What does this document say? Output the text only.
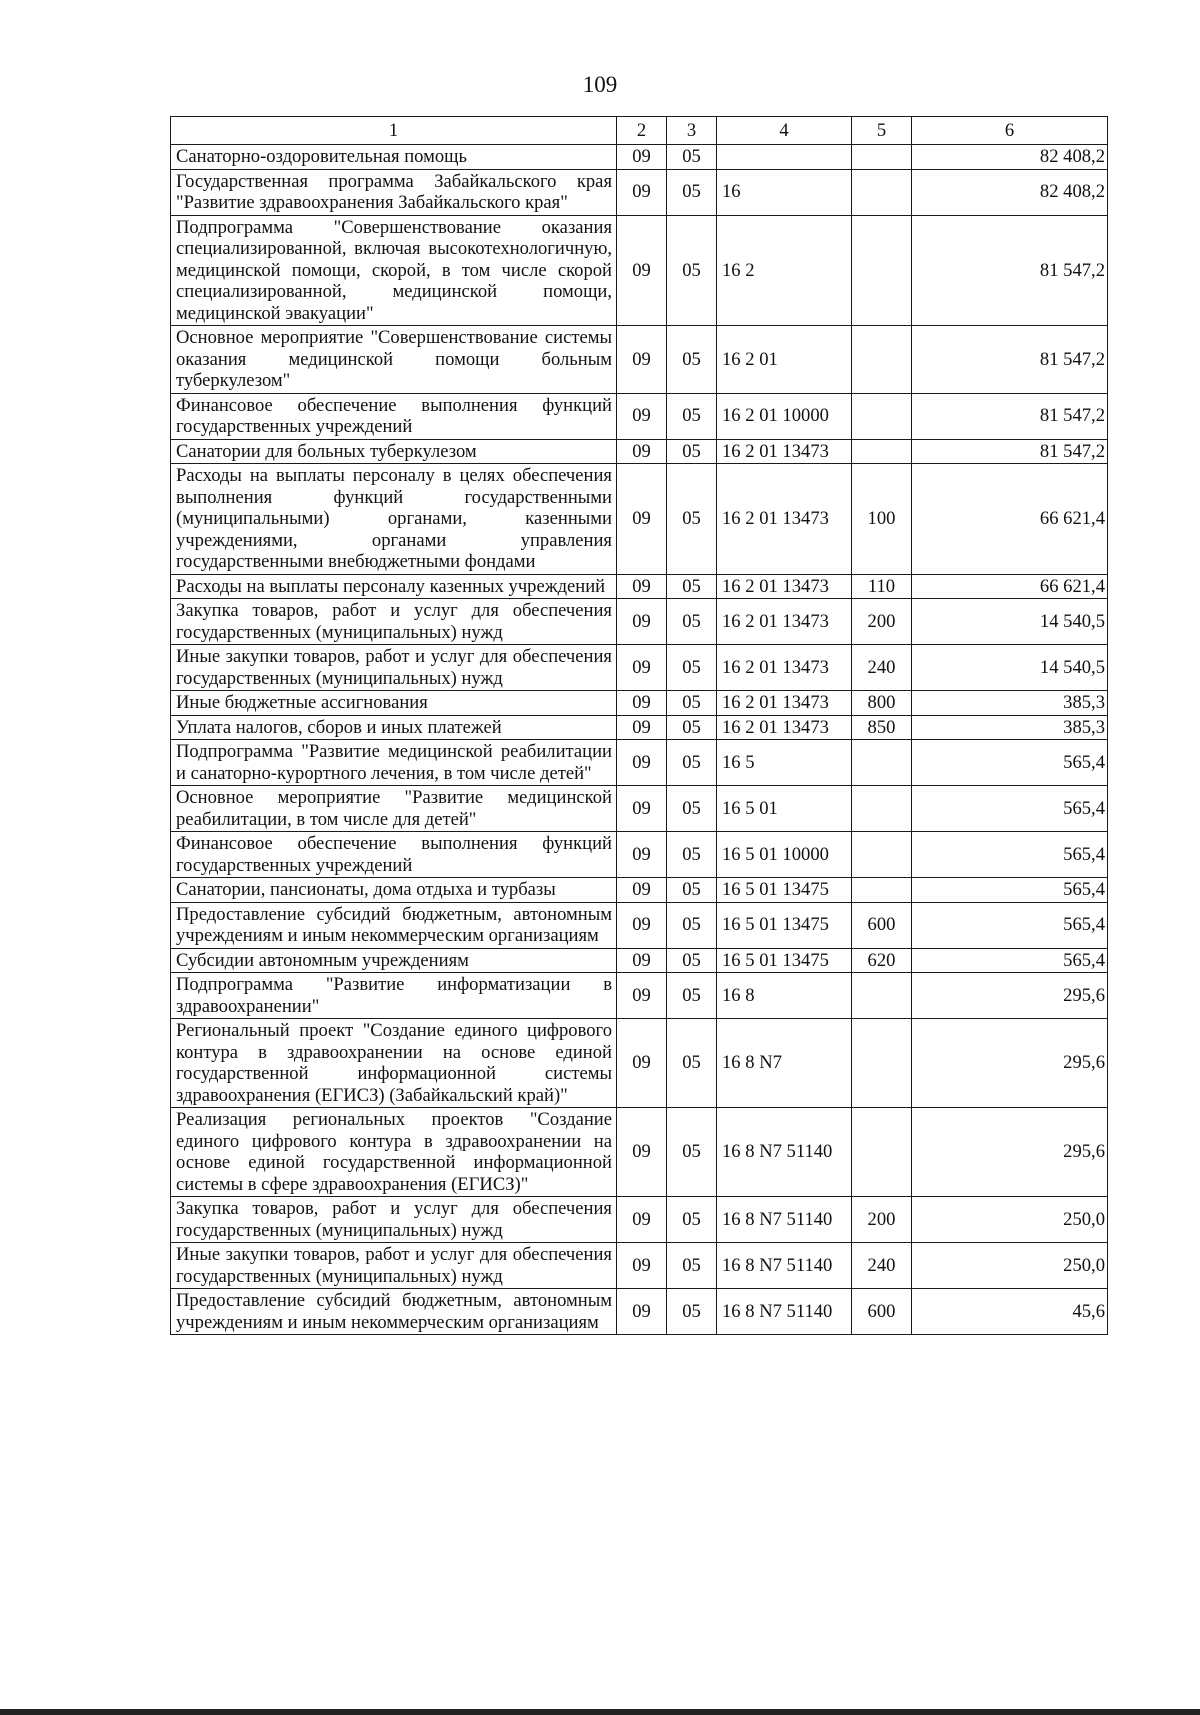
109
1	2	3	4	5	6
Санаторно-оздоровительная помощь	09	05			82 408,2
Государственная программа Забайкальского края "Развитие здравоохранения Забайкальского края"	09	05	16		82 408,2
Подпрограмма "Совершенствование оказания специализированной, включая высокотехнологичную, медицинской помощи, скорой, в том числе скорой специализированной, медицинской помощи, медицинской эвакуации"	09	05	16 2		81 547,2
Основное мероприятие "Совершенствование системы оказания медицинской помощи больным туберкулезом"	09	05	16 2 01		81 547,2
Финансовое обеспечение выполнения функций государственных учреждений	09	05	16 2 01 10000		81 547,2
Санатории для больных туберкулезом	09	05	16 2 01 13473		81 547,2
Расходы на выплаты персоналу в целях обеспечения выполнения функций государственными (муниципальными) органами, казенными учреждениями, органами управления государственными внебюджетными фондами	09	05	16 2 01 13473	100	66 621,4
Расходы на выплаты персоналу казенных учреждений	09	05	16 2 01 13473	110	66 621,4
Закупка товаров, работ и услуг для обеспечения государственных (муниципальных) нужд	09	05	16 2 01 13473	200	14 540,5
Иные закупки товаров, работ и услуг для обеспечения государственных (муниципальных) нужд	09	05	16 2 01 13473	240	14 540,5
Иные бюджетные ассигнования	09	05	16 2 01 13473	800	385,3
Уплата налогов, сборов и иных платежей	09	05	16 2 01 13473	850	385,3
Подпрограмма "Развитие медицинской реабилитации и санаторно-курортного лечения, в том числе детей"	09	05	16 5		565,4
Основное мероприятие "Развитие медицинской реабилитации, в том числе для детей"	09	05	16 5 01		565,4
Финансовое обеспечение выполнения функций государственных учреждений	09	05	16 5 01 10000		565,4
Санатории, пансионаты, дома отдыха и турбазы	09	05	16 5 01 13475		565,4
Предоставление субсидий бюджетным, автономным учреждениям и иным некоммерческим организациям	09	05	16 5 01 13475	600	565,4
Субсидии автономным учреждениям	09	05	16 5 01 13475	620	565,4
Подпрограмма "Развитие информатизации в здравоохранении"	09	05	16 8		295,6
Региональный проект "Создание единого цифрового контура в здравоохранении на основе единой государственной информационной системы здравоохранения (ЕГИСЗ) (Забайкальский край)"	09	05	16 8 N7		295,6
Реализация региональных проектов "Создание единого цифрового контура в здравоохранении на основе единой государственной информационной системы в сфере здравоохранения (ЕГИСЗ)"	09	05	16 8 N7 51140		295,6
Закупка товаров, работ и услуг для обеспечения государственных (муниципальных) нужд	09	05	16 8 N7 51140	200	250,0
Иные закупки товаров, работ и услуг для обеспечения государственных (муниципальных) нужд	09	05	16 8 N7 51140	240	250,0
Предоставление субсидий бюджетным, автономным учреждениям и иным некоммерческим организациям	09	05	16 8 N7 51140	600	45,6
